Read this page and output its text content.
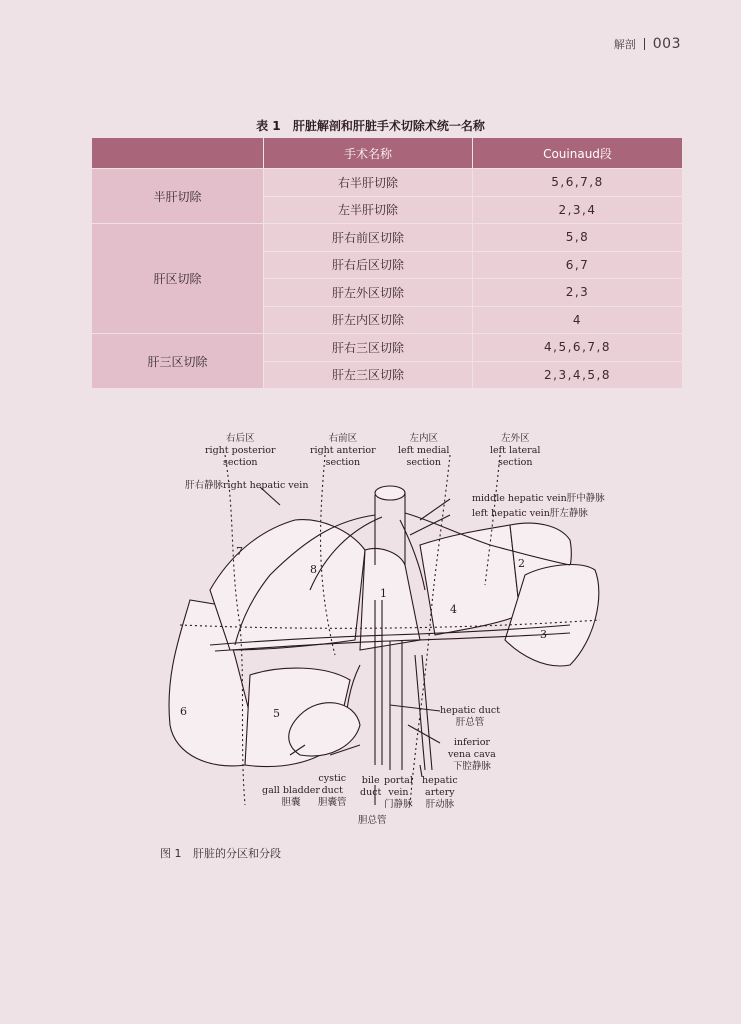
解剖 003
表 1 肝脏解剖和肝脏手术切除术统一名称
	手术名称	Couinaud段
半肝切除	右半肝切除	5,6,7,8
	左半肝切除	2,3,4
肝区切除	肝右前区切除	5,8
	肝右后区切除	6,7
	肝左外区切除	2,3
	肝左内区切除	4
肝三区切除	肝右三区切除	4,5,6,7,8
	肝左三区切除	2,3,4,5,8
右后区
right posterior
section
右前区
right anterior
section
左内区
left medial
section
左外区
left lateral
section
肝右静脉right hepatic vein
middle hepatic vein肝中静脉
left hepatic vein肝左静脉
hepatic duct
肝总管
inferior
vena cava
下腔静脉
hepatic
artery
肝动脉
portal
vein
门静脉
bile
duct
胆总管
cystic
duct
胆囊管
gall bladder
胆囊
1
2
3
4
5
6
7
8
图 1 肝脏的分区和分段
